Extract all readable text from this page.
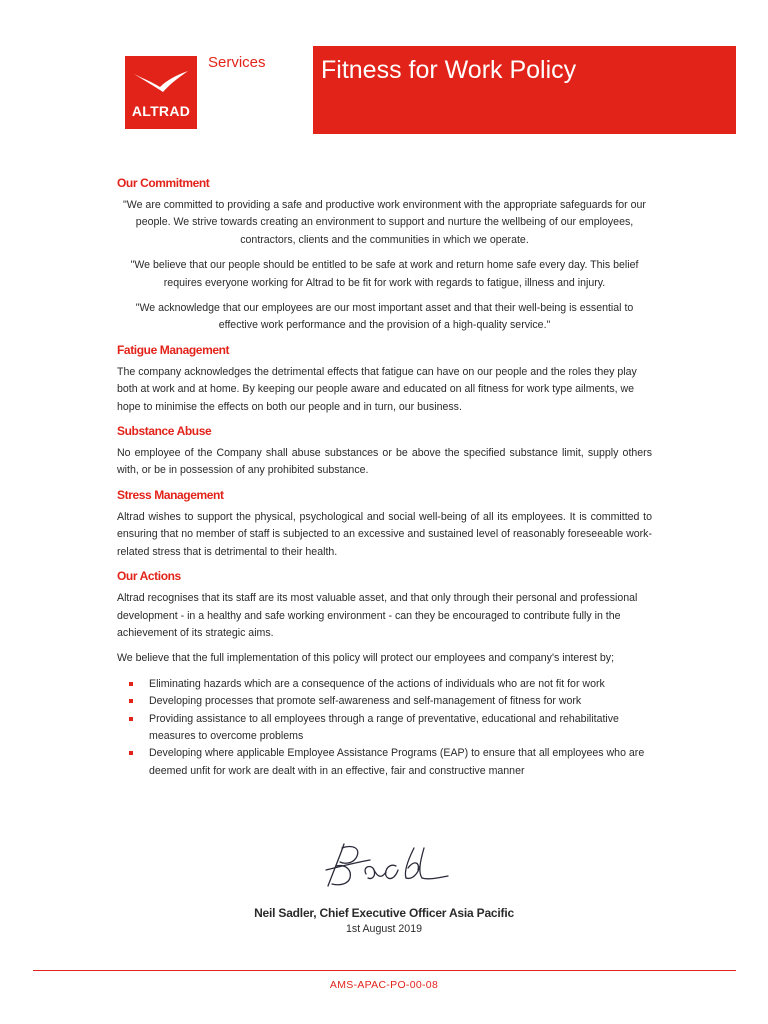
ALTRAD
Services Fitness for Work Policy
Our Commitment

"We are committed to providing a safe and productive work environment with the appropriate safeguards for our people. We strive towards creating an environment to support and nurture the wellbeing of our employees, contractors, clients and the communities in which we operate.

"We believe that our people should be entitled to be safe at work and return home safe every day. This belief requires everyone working for Altrad to be fit for work with regards to fatigue, illness and injury.

"We acknowledge that our employees are our most important asset and that their well-being is essential to effective work performance and the provision of a high-quality service."

Fatigue Management

The company acknowledges the detrimental effects that fatigue can have on our people and the roles they play both at work and at home. By keeping our people aware and educated on all fitness for work type ailments, we hope to minimise the effects on both our people and in turn, our business.

Substance Abuse

No employee of the Company shall abuse substances or be above the specified substance limit, supply others with, or be in possession of any prohibited substance.

Stress Management

Altrad wishes to support the physical, psychological and social well-being of all its employees. It is committed to ensuring that no member of staff is subjected to an excessive and sustained level of reasonably foreseeable work-related stress that is detrimental to their health.

Our Actions

Altrad recognises that its staff are its most valuable asset, and that only through their personal and professional development - in a healthy and safe working environment - can they be encouraged to contribute fully in the achievement of its strategic aims.

We believe that the full implementation of this policy will protect our employees and company's interest by;

Eliminating hazards which are a consequence of the actions of individuals who are not fit for work
Developing processes that promote self-awareness and self-management of fitness for work
Providing assistance to all employees through a range of preventative, educational and rehabilitative measures to overcome problems
Developing where applicable Employee Assistance Programs (EAP) to ensure that all employees who are deemed unfit for work are dealt with in an effective, fair and constructive manner
Neil Sadler, Chief Executive Officer Asia Pacific
1st August 2019
AMS-APAC-PO-00-08
